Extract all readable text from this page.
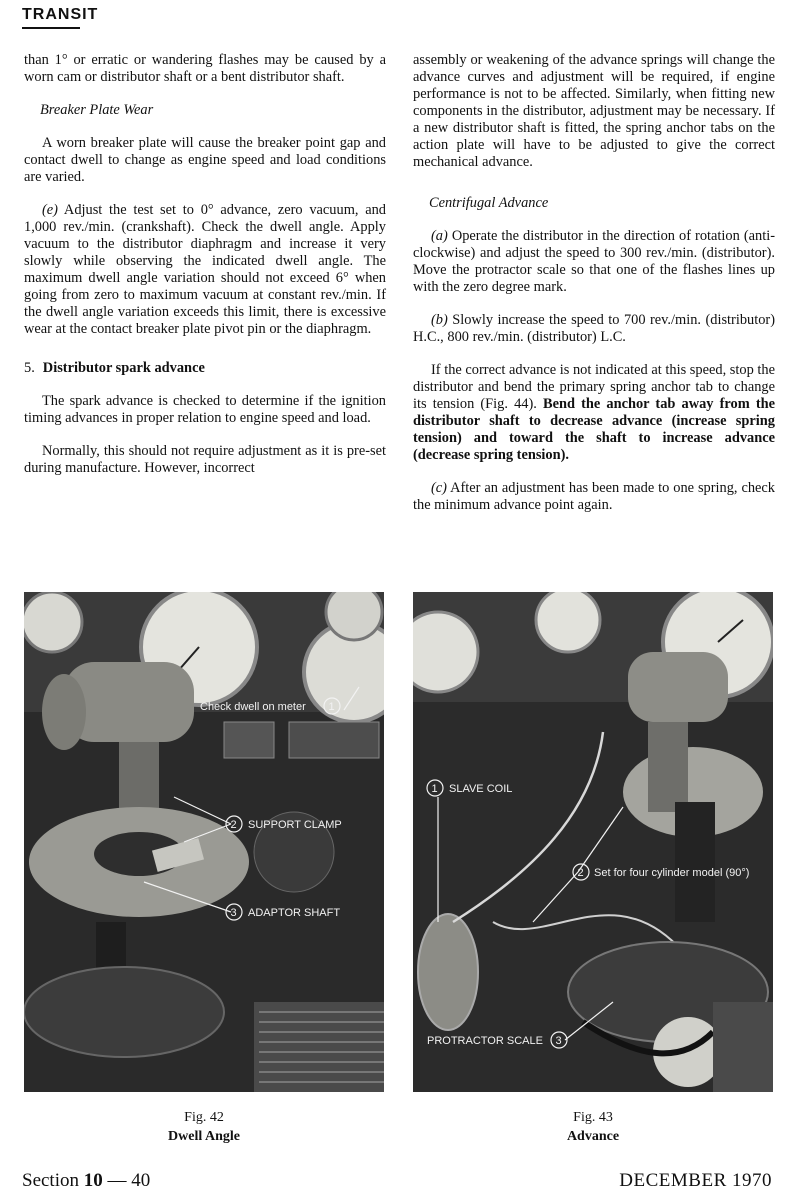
TRANSIT

than 1° or erratic or wandering flashes may be caused by a worn cam or distributor shaft or a bent distributor shaft.

Breaker Plate Wear

A worn breaker plate will cause the breaker point gap and contact dwell to change as engine speed and load conditions are varied.

(e) Adjust the test set to 0° advance, zero vacuum, and 1,000 rev./min. (crankshaft). Check the dwell angle. Apply vacuum to the distributor diaphragm and increase it very slowly while observing the indicated dwell angle. The maximum dwell angle variation should not exceed 6° when going from zero to maximum vacuum at constant rev./min. If the dwell angle variation exceeds this limit, there is excessive wear at the contact breaker plate pivot pin or the diaphragm.

5. Distributor spark advance

The spark advance is checked to determine if the ignition timing advances in proper relation to engine speed and load.

Normally, this should not require adjustment as it is pre-set during manufacture. However, incorrect

assembly or weakening of the advance springs will change the advance curves and adjustment will be required, if engine performance is not to be affected. Similarly, when fitting new components in the distributor, adjustment may be necessary. If a new distributor shaft is fitted, the spring anchor tabs on the action plate will have to be adjusted to give the correct mechanical advance.

Centrifugal Advance

(a) Operate the distributor in the direction of rotation (anti-clockwise) and adjust the speed to 300 rev./min. (distributor). Move the protractor scale so that one of the flashes lines up with the zero degree mark.

(b) Slowly increase the speed to 700 rev./min. (distributor) H.C., 800 rev./min. (distributor) L.C.

If the correct advance is not indicated at this speed, stop the distributor and bend the primary spring anchor tab to change its tension (Fig. 44). Bend the anchor tab away from the distributor shaft to decrease advance (increase spring tension) and toward the shaft to increase advance (decrease spring tension).

(c) After an adjustment has been made to one spring, check the minimum advance point again.

Check dwell on meter 1
2 SUPPORT CLAMP
3 ADAPTOR SHAFT
1 SLAVE COIL
2 Set for four cylinder model (90°)
PROTRACTOR SCALE 3
Fig. 42
Dwell Angle
Fig. 43
Advance
Section 10 — 40	DECEMBER 1970
